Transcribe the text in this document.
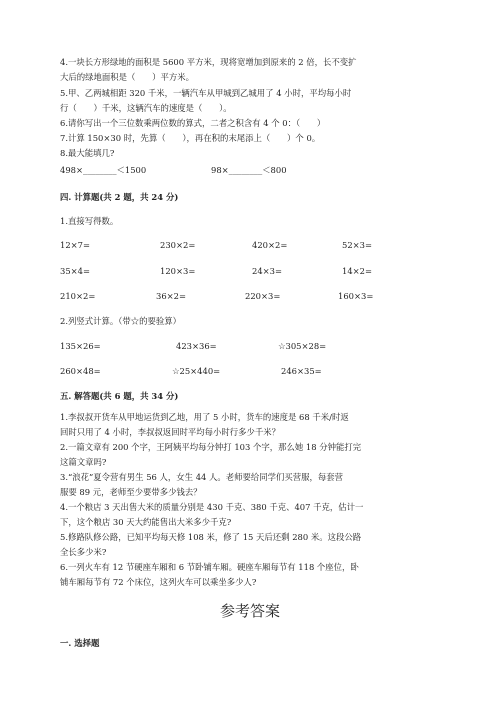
4.一块长方形绿地的面积是 5600 平方米，现将宽增加到原来的 2 倍，长不变扩
大后的绿地面积是（　　）平方米。
5.甲、乙两城相距 320 千米，一辆汽车从甲城到乙城用了 4 小时，平均每小时
行（　　）千米，这辆汽车的速度是（　　）。
6.请你写出一个三位数乘两位数的算式，二者之积含有 4 个 0：（　　）
7.计算 150×30 时，先算（　　），再在积的末尾添上（　　）个 0。
8.最大能填几?
498×________＜1500	98×________＜800
四. 计算题(共 2 题，共 24 分)
1.直接写得数。
12×7=	230×2=	420×2=	52×3=
35×4=	120×3=	24×3=	14×2=
210×2=	36×2=	220×3=	160×3=
2.列竖式计算。（带☆的要验算）
135×26=	423×36=	☆305×28=
260×48=	☆25×440=	246×35=
五. 解答题(共 6 题，共 34 分)
1.李叔叔开货车从甲地运货到乙地，用了 5 小时，货车的速度是 68 千米/时返
回时只用了 4 小时，李叔叔返回时平均每小时行多少千米？
2.一篇文章有 200 个字，王阿姨平均每分钟打 103 个字，那么她 18 分钟能打完
这篇文章吗?
3.“浪花”夏令营有男生 56 人，女生 44 人。老师要给同学们买营服，每套营
服要 89 元，老师至少要带多少钱去？
4.一个粮店 3 天出售大米的质量分别是 430 千克、380 千克、407 千克，估计一
下，这个粮店 30 天大约能售出大米多少千克?
5.修路队修公路，已知平均每天修 108 米，修了 15 天后还剩 280 米。这段公路
全长多少米?
6.一列火车有 12 节硬座车厢和 6 节卧铺车厢。硬座车厢每节有 118 个座位，卧
铺车厢每节有 72 个床位，这列火车可以乘坐多少人?
参考答案
一. 选择题
